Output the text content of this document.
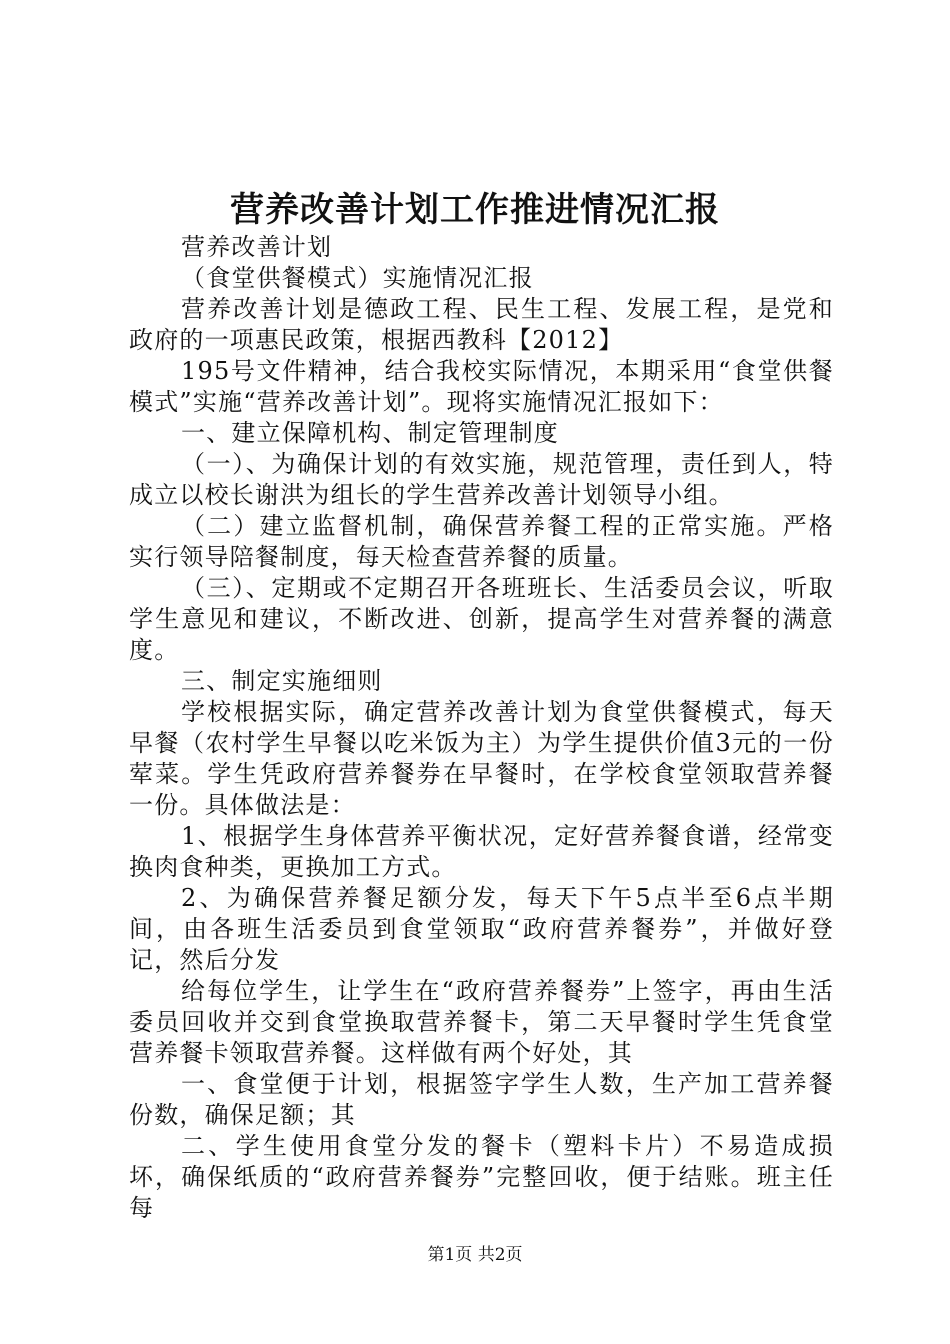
营养改善计划工作推进情况汇报

营养改善计划

（食堂供餐模式）实施情况汇报

营养改善计划是德政工程、民生工程、发展工程，是党和政府的一项惠民政策，根据西教科【2012】

195号文件精神，结合我校实际情况，本期采用“食堂供餐模式”实施“营养改善计划”。现将实施情况汇报如下：

一、建立保障机构、制定管理制度

（一）、为确保计划的有效实施，规范管理，责任到人，特成立以校长谢洪为组长的学生营养改善计划领导小组。

（二）建立监督机制，确保营养餐工程的正常实施。严格实行领导陪餐制度，每天检查营养餐的质量。

（三）、定期或不定期召开各班班长、生活委员会议，听取学生意见和建议，不断改进、创新，提高学生对营养餐的满意度。

三、制定实施细则

学校根据实际，确定营养改善计划为食堂供餐模式，每天早餐（农村学生早餐以吃米饭为主）为学生提供价值3元的一份荤菜。学生凭政府营养餐券在早餐时，在学校食堂领取营养餐一份。具体做法是：

1、根据学生身体营养平衡状况，定好营养餐食谱，经常变换肉食种类，更换加工方式。

2、为确保营养餐足额分发，每天下午5点半至6点半期间，由各班生活委员到食堂领取“政府营养餐券”，并做好登记，然后分发

给每位学生，让学生在“政府营养餐券”上签字，再由生活委员回收并交到食堂换取营养餐卡，第二天早餐时学生凭食堂营养餐卡领取营养餐。这样做有两个好处，其

一、食堂便于计划，根据签字学生人数，生产加工营养餐份数，确保足额；其

二、学生使用食堂分发的餐卡（塑料卡片）不易造成损坏，确保纸质的“政府营养餐券”完整回收，便于结账。班主任每

第1页 共2页
